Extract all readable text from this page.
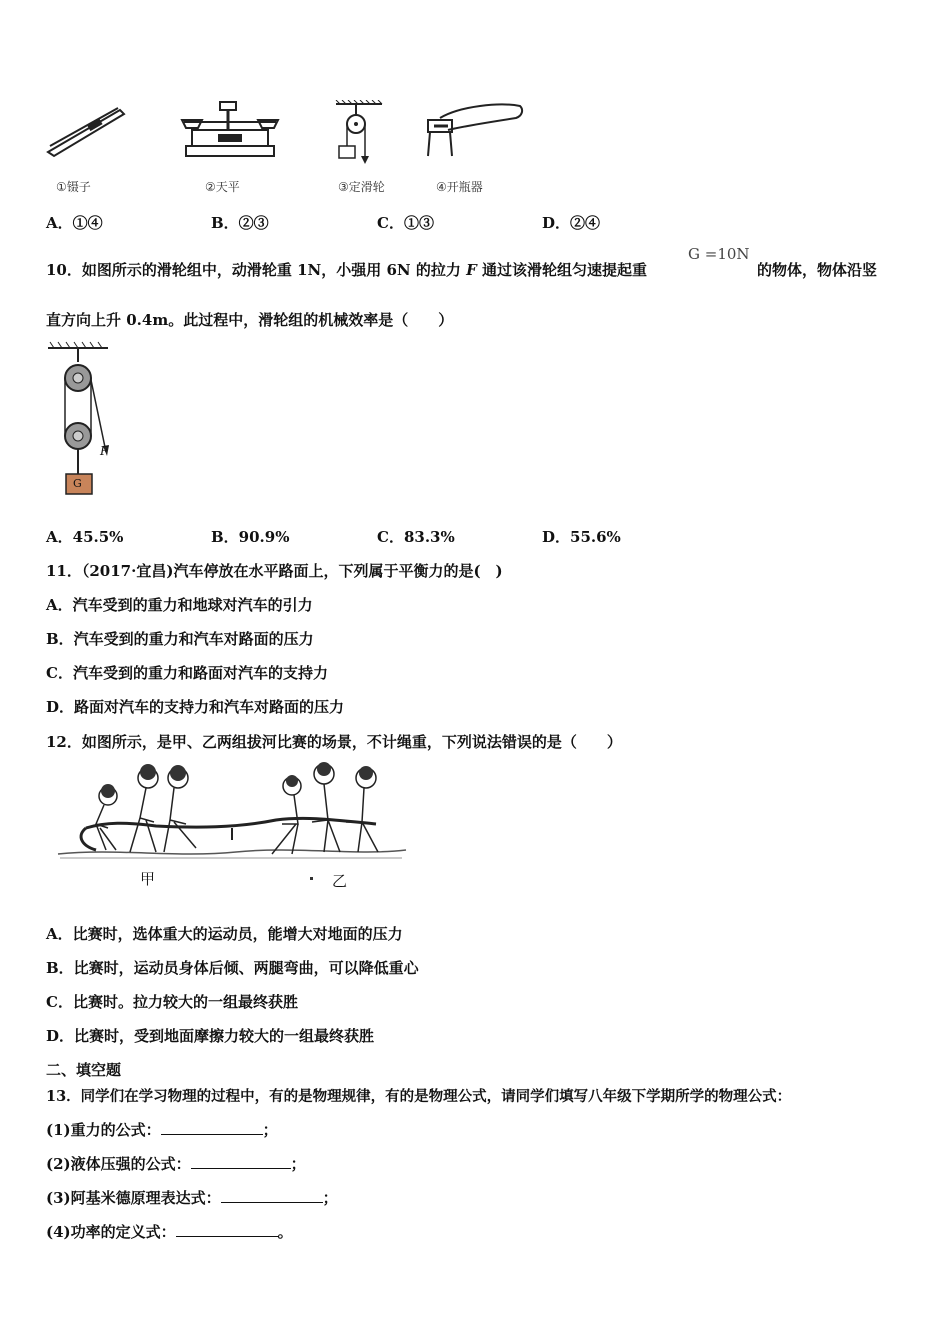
①镊子	②天平	③定滑轮	④开瓶器
A．①④	B．②③	C．①③	D．②④
10．如图所示的滑轮组中，动滑轮重 1N，小强用 6N 的拉力 F 通过该滑轮组匀速提起重
G =10N
的物体，物体沿竖
直方向上升 0.4m。此过程中，滑轮组的机械效率是（　　）
F
G
A．45.5%	B．90.9%	C．83.3%	D．55.6%
11．（2017·宜昌)汽车停放在水平路面上，下列属于平衡力的是(　)
A．汽车受到的重力和地球对汽车的引力
B．汽车受到的重力和汽车对路面的压力
C．汽车受到的重力和路面对汽车的支持力
D．路面对汽车的支持力和汽车对路面的压力
12．如图所示，是甲、乙两组拔河比赛的场景，不计绳重，下列说法错误的是（　　）
甲	乙
A．比赛时，选体重大的运动员，能增大对地面的压力
B．比赛时，运动员身体后倾、两腿弯曲，可以降低重心
C．比赛时。拉力较大的一组最终获胜
D．比赛时，受到地面摩擦力较大的一组最终获胜
二、填空题
13．同学们在学习物理的过程中，有的是物理规律，有的是物理公式，请同学们填写八年级下学期所学的物理公式：
(1)重力的公式：	；
(2)液体压强的公式：	；
(3)阿基米德原理表达式：	；
(4)功率的定义式：	。
